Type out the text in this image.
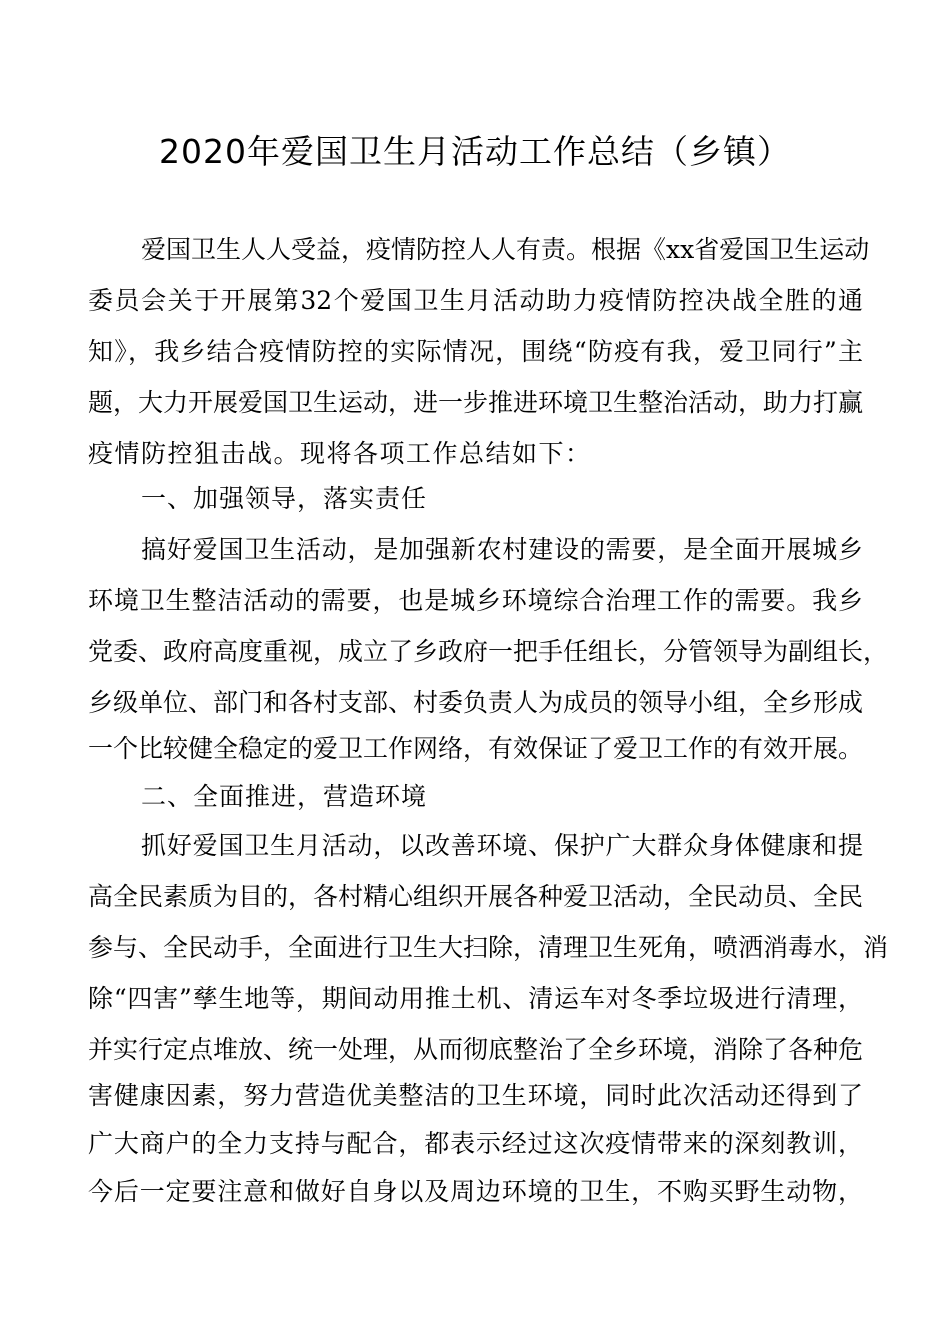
2020年爱国卫生月活动工作总结（乡镇）
爱国卫生人人受益，疫情防控人人有责。根据《xx省爱国卫生运动
委员会关于开展第32个爱国卫生月活动助力疫情防控决战全胜的通
知》，我乡结合疫情防控的实际情况，围绕“防疫有我，爱卫同行”主
题，大力开展爱国卫生运动，进一步推进环境卫生整治活动，助力打赢
疫情防控狙击战。现将各项工作总结如下：
一、加强领导，落实责任
搞好爱国卫生活动，是加强新农村建设的需要，是全面开展城乡
环境卫生整洁活动的需要，也是城乡环境综合治理工作的需要。我乡
党委、政府高度重视，成立了乡政府一把手任组长，分管领导为副组长，
乡级单位、部门和各村支部、村委负责人为成员的领导小组，全乡形成
一个比较健全稳定的爱卫工作网络，有效保证了爱卫工作的有效开展。
二、全面推进，营造环境
抓好爱国卫生月活动，以改善环境、保护广大群众身体健康和提
高全民素质为目的，各村精心组织开展各种爱卫活动，全民动员、全民
参与、全民动手，全面进行卫生大扫除，清理卫生死角，喷洒消毒水，消
除“四害”孳生地等，期间动用推土机、清运车对冬季垃圾进行清理，
并实行定点堆放、统一处理，从而彻底整治了全乡环境，消除了各种危
害健康因素，努力营造优美整洁的卫生环境，同时此次活动还得到了
广大商户的全力支持与配合，都表示经过这次疫情带来的深刻教训，
今后一定要注意和做好自身以及周边环境的卫生，不购买野生动物，
